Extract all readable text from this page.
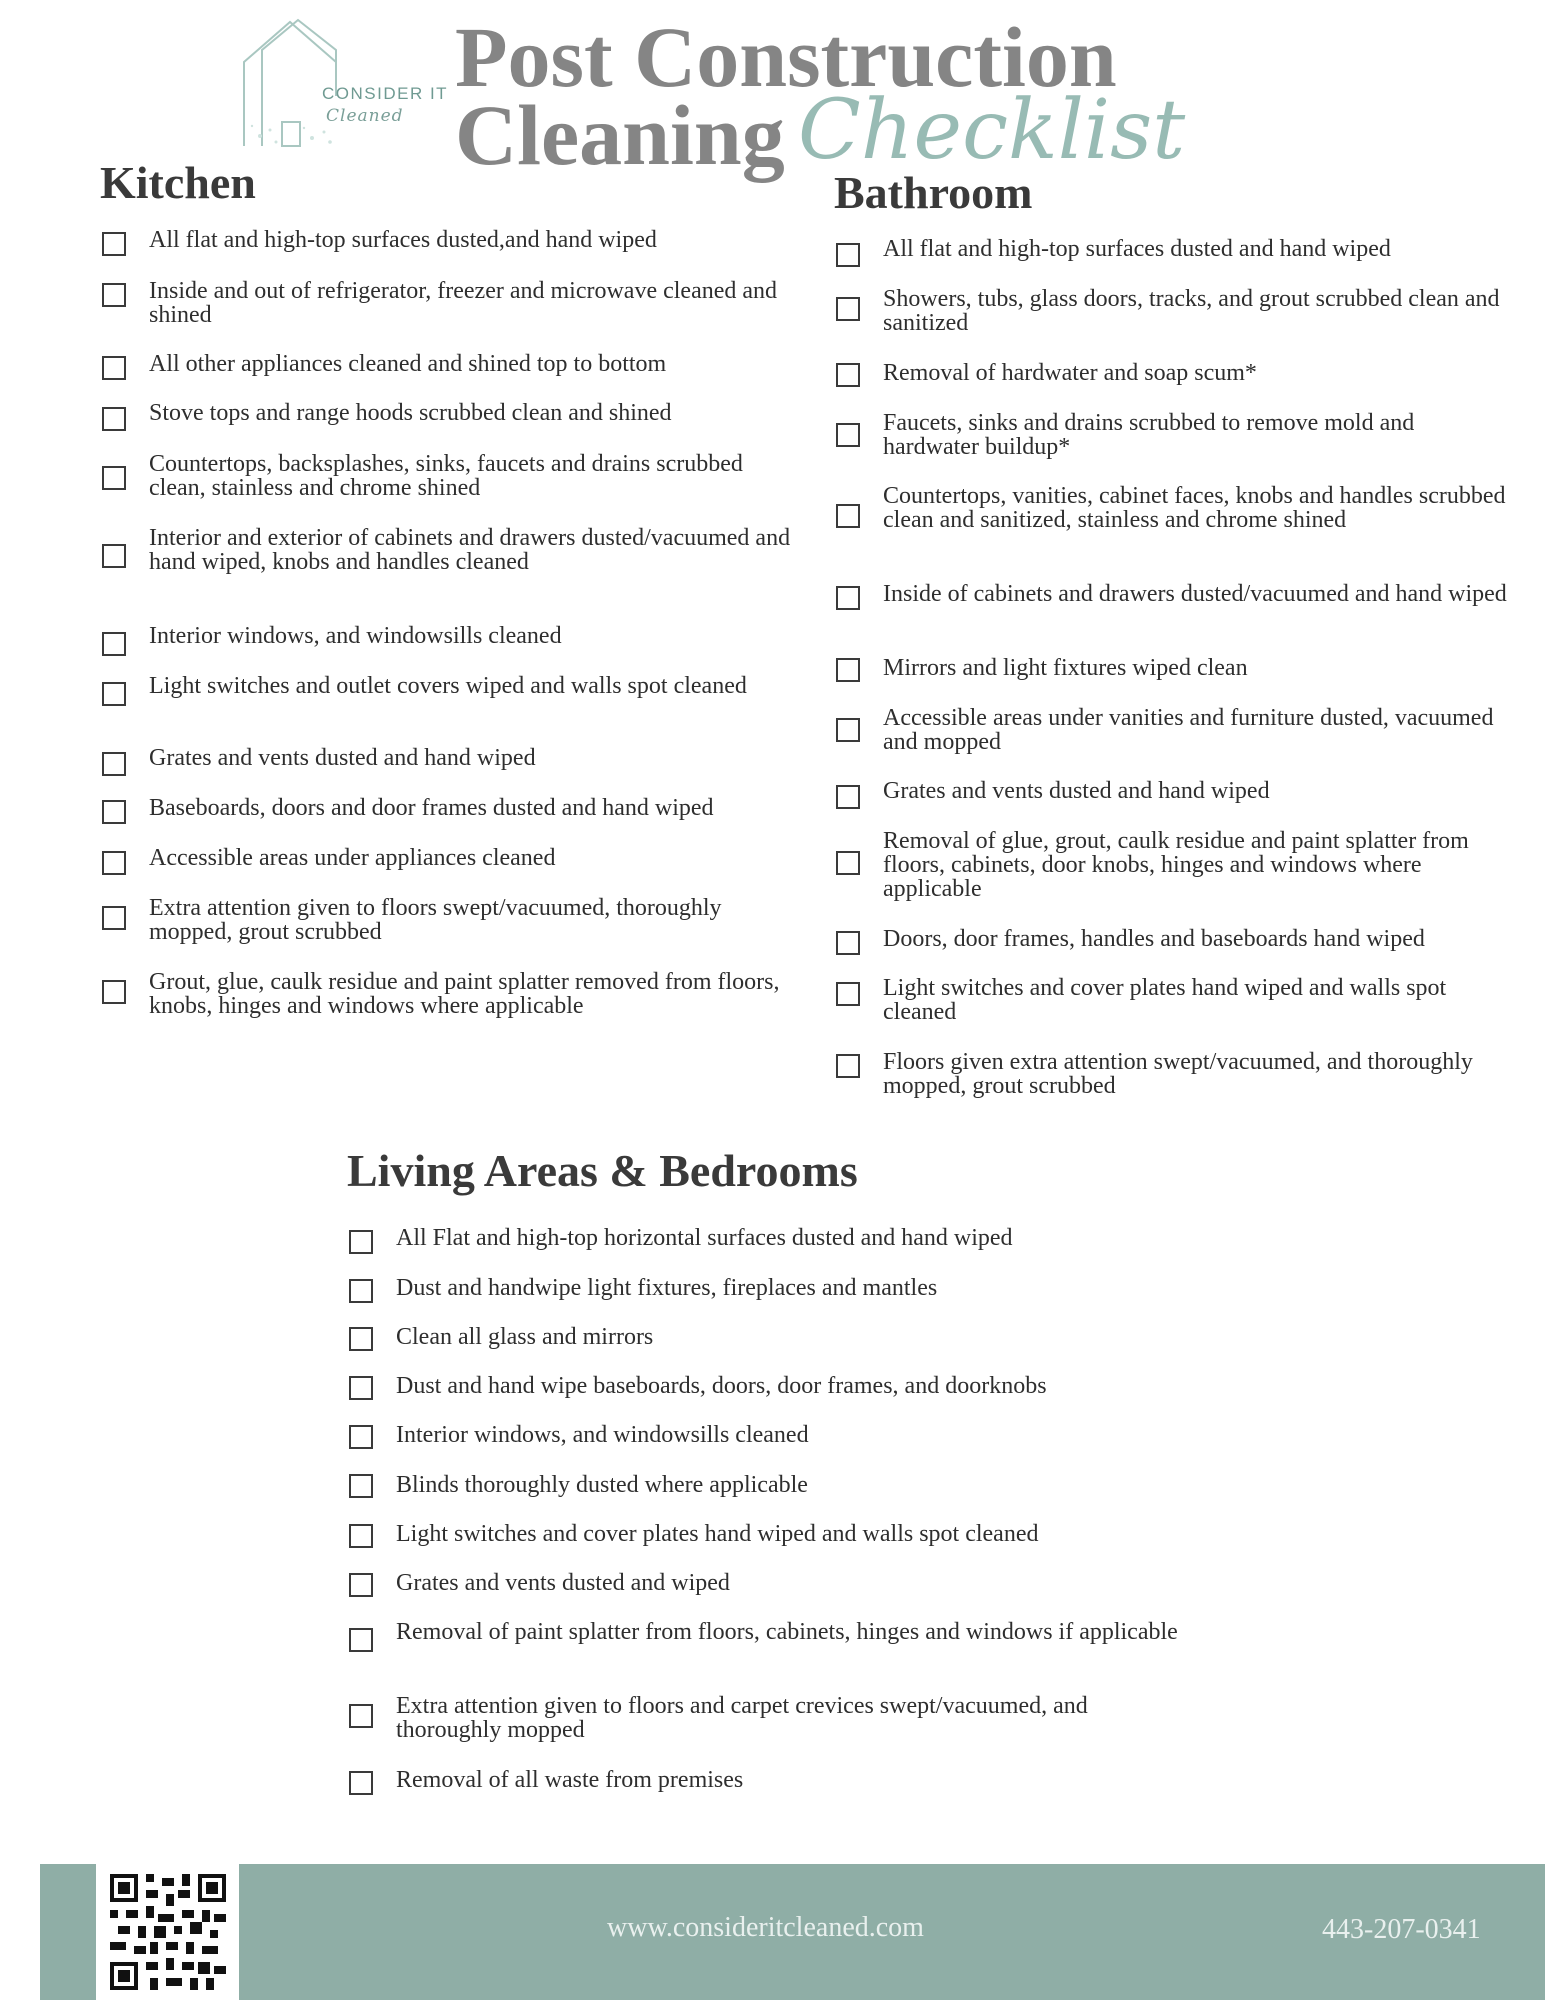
CONSIDER IT
Cleaned
Post Construction
Cleaning Checklist
Kitchen
All flat and high-top surfaces dusted,and hand wiped
Inside and out of refrigerator, freezer and microwave cleaned and shined
All other appliances cleaned and shined top to bottom
Stove tops and range hoods scrubbed clean and shined
Countertops, backsplashes, sinks, faucets and drains scrubbed clean, stainless and chrome shined
Interior and exterior of cabinets and drawers dusted/vacuumed and hand wiped, knobs and handles cleaned
Interior windows, and windowsills cleaned
Light switches and outlet covers wiped and walls spot cleaned
Grates and vents dusted and hand wiped
Baseboards, doors and door frames dusted and hand wiped
Accessible areas under appliances cleaned
Extra attention given to floors swept/vacuumed, thoroughly mopped, grout scrubbed
Grout, glue, caulk residue and paint splatter removed from floors, knobs, hinges and windows where applicable
Bathroom
All flat and high-top surfaces dusted and hand wiped
Showers, tubs, glass doors, tracks, and grout scrubbed clean and sanitized
Removal of hardwater and soap scum*
Faucets, sinks and drains scrubbed to remove mold and hardwater buildup*
Countertops, vanities, cabinet faces, knobs and handles scrubbed clean and sanitized, stainless and chrome shined
Inside of cabinets and drawers dusted/vacuumed and hand wiped
Mirrors and light fixtures wiped clean
Accessible areas under vanities and furniture dusted, vacuumed and mopped
Grates and vents dusted and hand wiped
Removal of glue, grout, caulk residue and paint splatter from floors, cabinets, door knobs, hinges and windows where applicable
Doors, door frames, handles and baseboards hand wiped
Light switches and cover plates hand wiped and walls spot cleaned
Floors given extra attention swept/vacuumed, and thoroughly mopped, grout scrubbed
Living Areas & Bedrooms
All Flat and high-top horizontal surfaces dusted and hand wiped
Dust and handwipe light fixtures, fireplaces and mantles
Clean all glass and mirrors
Dust and hand wipe baseboards, doors, door frames, and doorknobs
Interior windows, and windowsills cleaned
Blinds thoroughly dusted where applicable
Light switches and cover plates hand wiped and walls spot cleaned
Grates and vents dusted and wiped
Removal of paint splatter from floors, cabinets, hinges and windows if applicable
Extra attention given to floors and carpet crevices swept/vacuumed, and thoroughly mopped
Removal of all waste from premises
www.consideritcleaned.com	443-207-0341
